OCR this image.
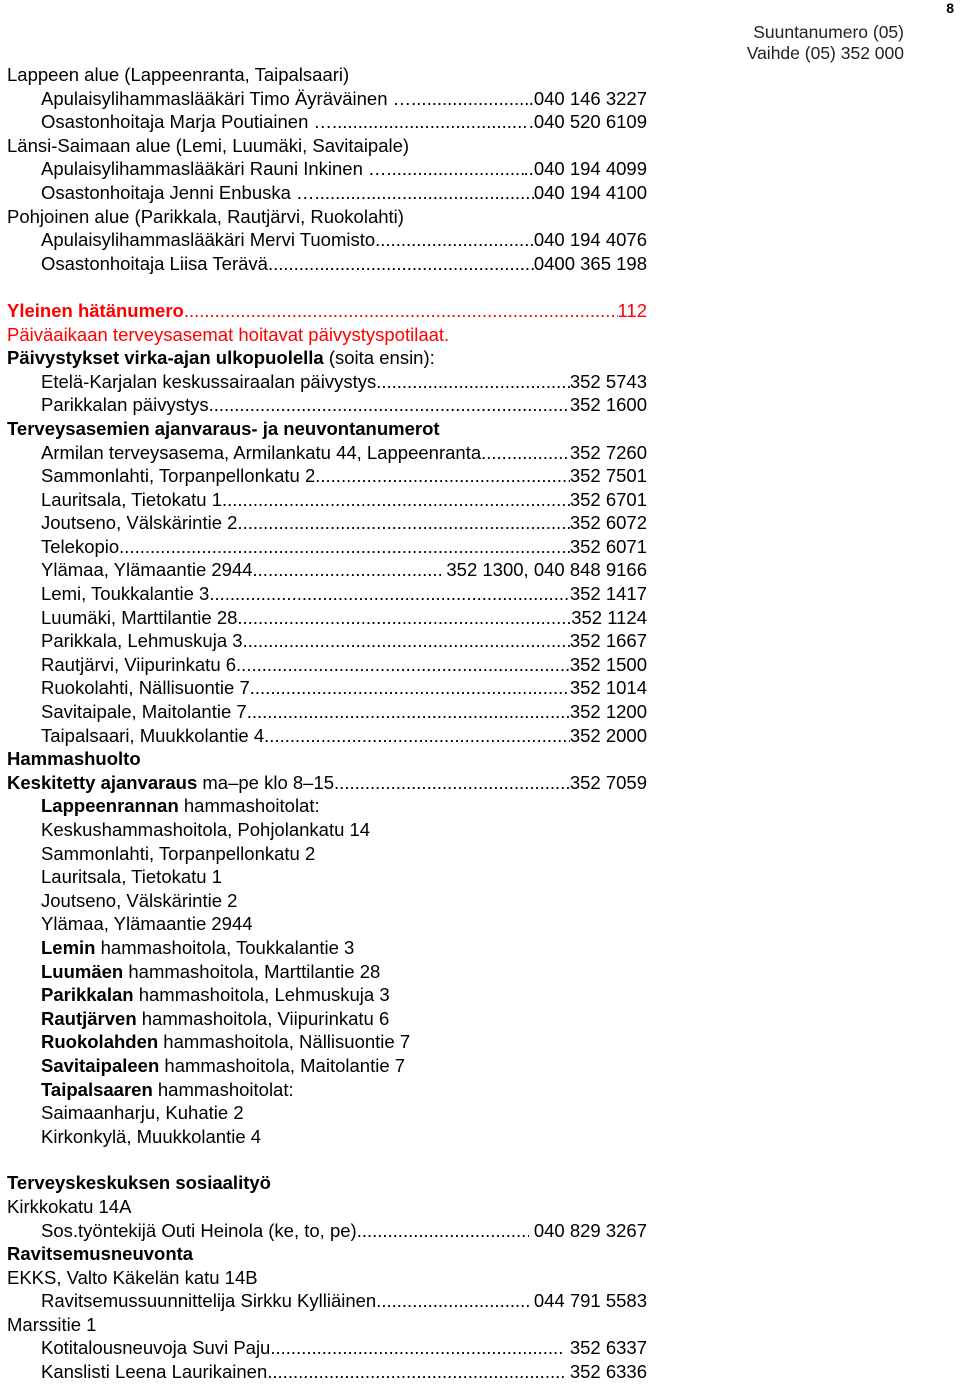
8
Suuntanumero (05)
Vaihde (05) 352 000
Lappeen alue (Lappeenranta, Taipalsaari)
Apulaisylihammaslääkäri Timo Äyräväinen … .....	.040 146 3227
Osastonhoitaja Marja Poutiainen … .....	.040 520 6109
Länsi-Saimaan alue (Lemi, Luumäki, Savitaipale)
Apulaisylihammaslääkäri Rauni Inkinen … .....	..040 194 4099
Osastonhoitaja Jenni Enbuska … .....	040 194 4100
Pohjoinen alue (Parikkala, Rautjärvi, Ruokolahti)
Apulaisylihammaslääkäri Mervi Tuomisto .....	040 194 4076
Osastonhoitaja Liisa Terävä .....	0400 365 198
Yleinen hätänumero .....	112
Päiväaikaan terveysasemat hoitavat päivystyspotilaat.
Päivystykset virka-ajan ulkopuolella (soita ensin):
Etelä-Karjalan keskussairaalan päivystys .....	352 5743
Parikkalan päivystys .....	352 1600
Terveysasemien ajanvaraus- ja neuvontanumerot
Armilan terveysasema, Armilankatu 44, Lappeenranta .....	352 7260
Sammonlahti, Torpanpellonkatu 2 .....	352 7501
Lauritsala, Tietokatu 1 .....	352 6701
Joutseno, Välskärintie 2 .....	352 6072
Telekopio .....	352 6071
Ylämaa, Ylämaantie 2944 .....	352 1300, 040 848 9166
Lemi, Toukkalantie 3 .....	352 1417
Luumäki, Marttilantie 28 .....	352 1124
Parikkala, Lehmuskuja 3 .....	352 1667
Rautjärvi, Viipurinkatu 6 .....	352 1500
Ruokolahti, Nällisuontie 7 .....	352 1014
Savitaipale, Maitolantie 7 .....	352 1200
Taipalsaari, Muukkolantie 4 .....	352 2000
Hammashuolto
Keskitetty ajanvaraus ma–pe klo 8–15 .....	352 7059
Lappeenrannan hammashoitolat:
Keskushammashoitola, Pohjolankatu 14
Sammonlahti, Torpanpellonkatu 2
Lauritsala, Tietokatu 1
Joutseno, Välskärintie 2
Ylämaa, Ylämaantie 2944
Lemin hammashoitola, Toukkalantie 3
Luumäen hammashoitola, Marttilantie 28
Parikkalan hammashoitola, Lehmuskuja 3
Rautjärven hammashoitola, Viipurinkatu 6
Ruokolahden hammashoitola, Nällisuontie 7
Savitaipaleen hammashoitola, Maitolantie 7
Taipalsaaren hammashoitolat:
Saimaanharju, Kuhatie 2
Kirkonkylä, Muukkolantie 4
Terveyskeskuksen sosiaalityö
Kirkkokatu 14A
Sos.työntekijä Outi Heinola (ke, to, pe) .....	040 829 3267
Ravitsemusneuvonta
EKKS, Valto Käkelän katu 14B
Ravitsemussuunnittelija Sirkku Kylliäinen .....	044 791 5583
Marssitie 1
Kotitalousneuvoja Suvi Paju .....	352 6337
Kanslisti Leena Laurikainen .....	352 6336
